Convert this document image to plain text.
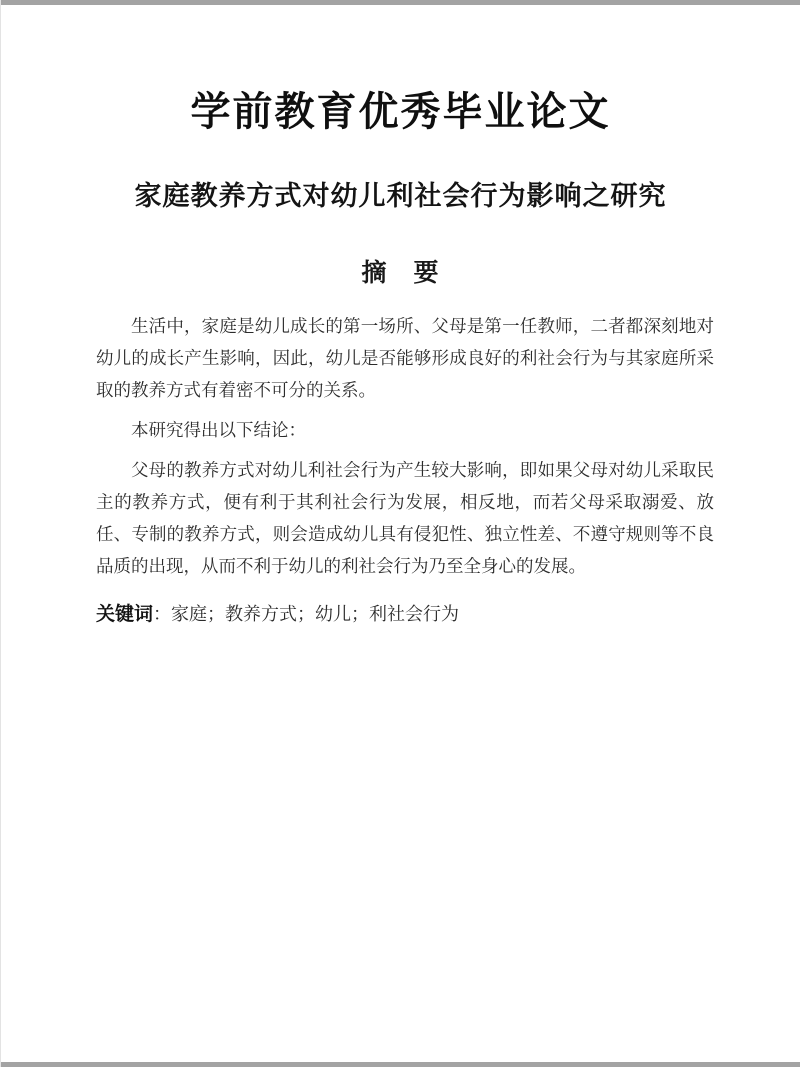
学前教育优秀毕业论文
家庭教养方式对幼儿利社会行为影响之研究
摘　要

生活中，家庭是幼儿成长的第一场所、父母是第一任教师，二者都深刻地对幼儿的成长产生影响，因此，幼儿是否能够形成良好的利社会行为与其家庭所采取的教养方式有着密不可分的关系。

本研究得出以下结论：

父母的教养方式对幼儿利社会行为产生较大影响，即如果父母对幼儿采取民主的教养方式，便有利于其利社会行为发展，相反地，而若父母采取溺爱、放任、专制的教养方式，则会造成幼儿具有侵犯性、独立性差、不遵守规则等不良品质的出现，从而不利于幼儿的利社会行为乃至全身心的发展。

关键词：家庭；教养方式；幼儿；利社会行为
